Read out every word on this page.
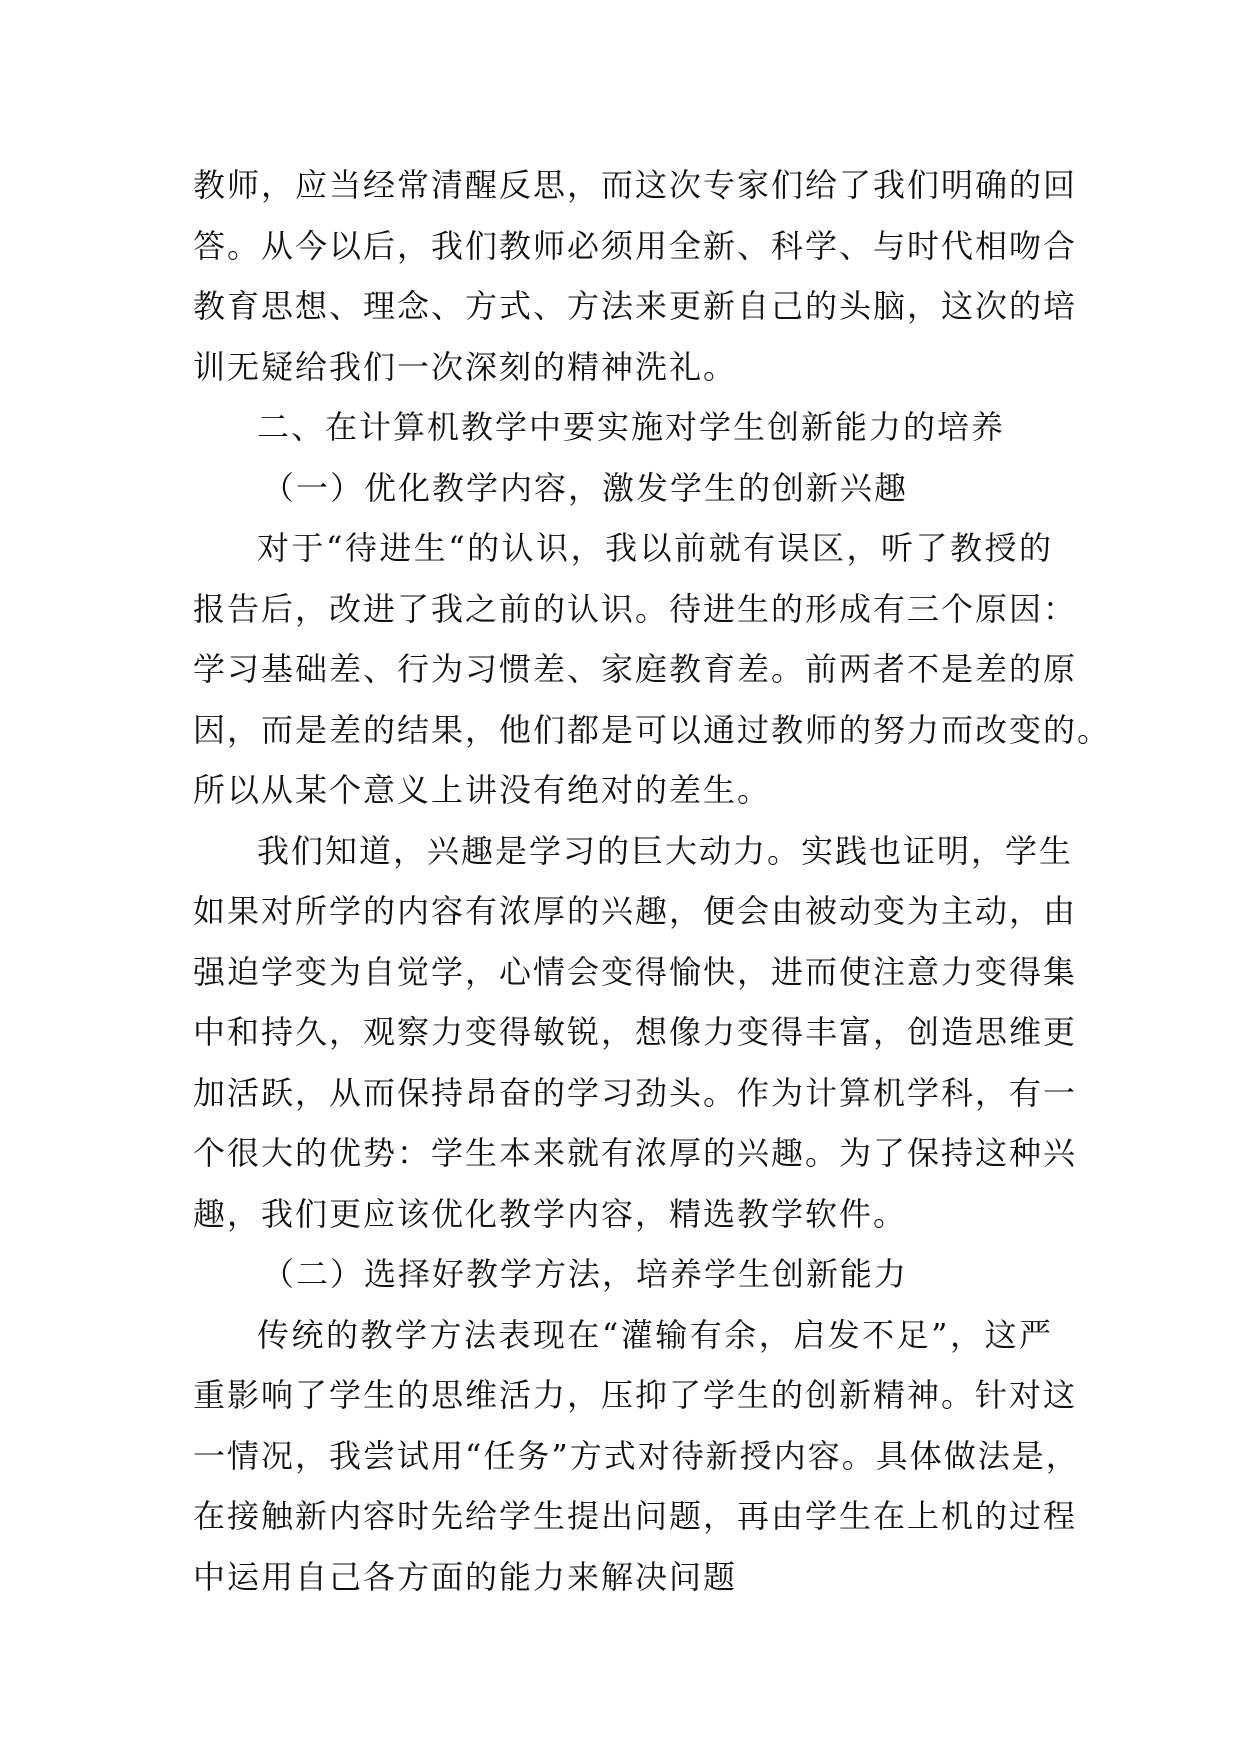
教师，应当经常清醒反思，而这次专家们给了我们明确的回
答。从今以后，我们教师必须用全新、科学、与时代相吻合
教育思想、理念、方式、方法来更新自己的头脑，这次的培
训无疑给我们一次深刻的精神洗礼。
二、在计算机教学中要实施对学生创新能力的培养
（一）优化教学内容，激发学生的创新兴趣
对于“待进生“的认识，我以前就有误区，听了教授的
报告后，改进了我之前的认识。待进生的形成有三个原因：
学习基础差、行为习惯差、家庭教育差。前两者不是差的原
因，而是差的结果，他们都是可以通过教师的努力而改变的。
所以从某个意义上讲没有绝对的差生。
我们知道，兴趣是学习的巨大动力。实践也证明，学生
如果对所学的内容有浓厚的兴趣，便会由被动变为主动，由
强迫学变为自觉学，心情会变得愉快，进而使注意力变得集
中和持久，观察力变得敏锐，想像力变得丰富，创造思维更
加活跃，从而保持昂奋的学习劲头。作为计算机学科，有一
个很大的优势：学生本来就有浓厚的兴趣。为了保持这种兴
趣，我们更应该优化教学内容，精选教学软件。
（二）选择好教学方法，培养学生创新能力
传统的教学方法表现在“灌输有余，启发不足”，这严
重影响了学生的思维活力，压抑了学生的创新精神。针对这
一情况，我尝试用“任务”方式对待新授内容。具体做法是，
在接触新内容时先给学生提出问题，再由学生在上机的过程
中运用自己各方面的能力来解决问题
